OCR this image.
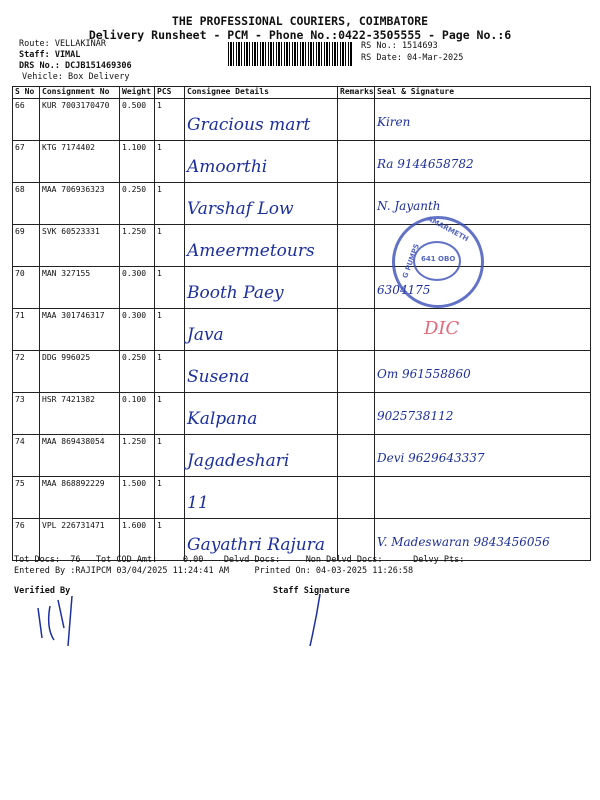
THE PROFESSIONAL COURIERS, COIMBATORE
Delivery Runsheet - PCM - Phone No.:0422-3505555 - Page No.:6
Route: VELLAKINAR
Staff: VIMAL
DRS No.: DCJB151469306
Vehicle: Box Delivery
RS No.: 1514693
RS Date: 04-Mar-2025
S No	Consignment No	Weight	PCS	Consignee Details	Remarks	Seal & Signature
66	KUR 7003170470	0.500	1	Gracious mart		Kiren
67	KTG 7174402	1.100	1	Amoorthi		Ra 9144658782
68	MAA 706936323	0.250	1	Varshaf Low		N. Jayanth
69	SVK 60523331	1.250	1	Ameermetours		
70	MAN 327155	0.300	1	Booth Paey		6304175
71	MAA 301746317	0.300	1	Java		
72	DDG 996025	0.250	1	Susena		Om 961558860
73	HSR 7421382	0.100	1	Kalpana		9025738112
74	MAA 869438054	1.250	1	Jagadeshari		Devi 9629643337
75	MAA 868892229	1.500	1	11		
76	VPL 226731471	1.600	1	Gayathri Rajura		V. Madeswaran 9843456056
AMARMETH
G PUMPS 641 OBO
DIC
Tot Docs:  76   Tot COD Amt:     0.00    Delvd Docs:     Non Delvd Docs:      Delvy Pts:
Entered By :RAJIPCM 03/04/2025 11:24:41 AM     Printed On: 04-03-2025 11:26:58
Verified By	Staff Signature
